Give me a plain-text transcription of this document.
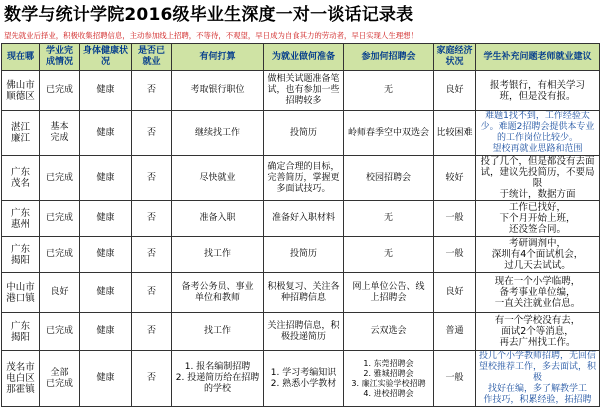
数学与统计学院2016级毕业生深度一对一谈话记录表
望先就业后择业，积极收集招聘信息，主动参加线上招聘，不等待，不观望，早日成为自食其力的劳动者，早日实现人生理想！
现在哪	学业完成情况	身体健康状况	是否已就业	有何打算	为就业做何准备	参加何招聘会	家庭经济状况	学生补充问题老师就业建议

佛山市
顺德区	已完成	健康	否	考取银行职位	做相关试题准备笔
试，也有参加一些
招聘较多	无	良好	报考银行，有相关学习
班，但是没有报。

湛江
廉江	基本
完成	健康	否	继续找工作	投简历	岭师春季空中双选会	比较困难	难题1找不到，工作经验太
少。难题2招聘会提供本专业
的工作岗位比较少。
望校再就业思路和范围

广东
茂名	已完成	健康	否	尽快就业	确定合理的目标，
完善简历，掌握更
多面试技巧。	校园招聘会	较好	投了几个，但是都没有去面
试，建议先投简历，不要局限
于统计，数据方面

广东
惠州	已完成	健康	否	准备入职	准备好入职材料	无	一般	工作已找好，
下个月开始上班，
还没签合同。

广东
揭阳	已完成	健康	否	找工作	投简历	无	一般	考研调剂中，
深圳有4个面试机会，
过几天去试试。

中山市
港口镇	良好	健康	否	备考公务员、事业
单位和教师	积极复习、关注各
种招聘信息	网上单位公告、线
上招聘会	良好	现在一个小学临聘，
备考事业单位编，
一直关注就业信息。

广东
揭阳	已完成	健康	否	找工作	关注招聘信息，积
极投递简历	云双选会	普通	有一个学校没有去，
面试2个等消息，
再去广州找工作。

茂名市
电白区
那霍镇	全部
已完成	健康	否	1. 报名编制招聘
2. 投递简历给在招聘
的学校	1. 学习考编知识
2. 熟悉小学教材	1. 东莞招聘会
2. 雅城招聘会
3. 廉江实验学校招聘
4. 进校招聘会	一般	投几个小学教师招聘，无回信
望校推荐工作，多去面试，积极
找好在编，多了解教学工
作技巧，积累经验，拓招聘
